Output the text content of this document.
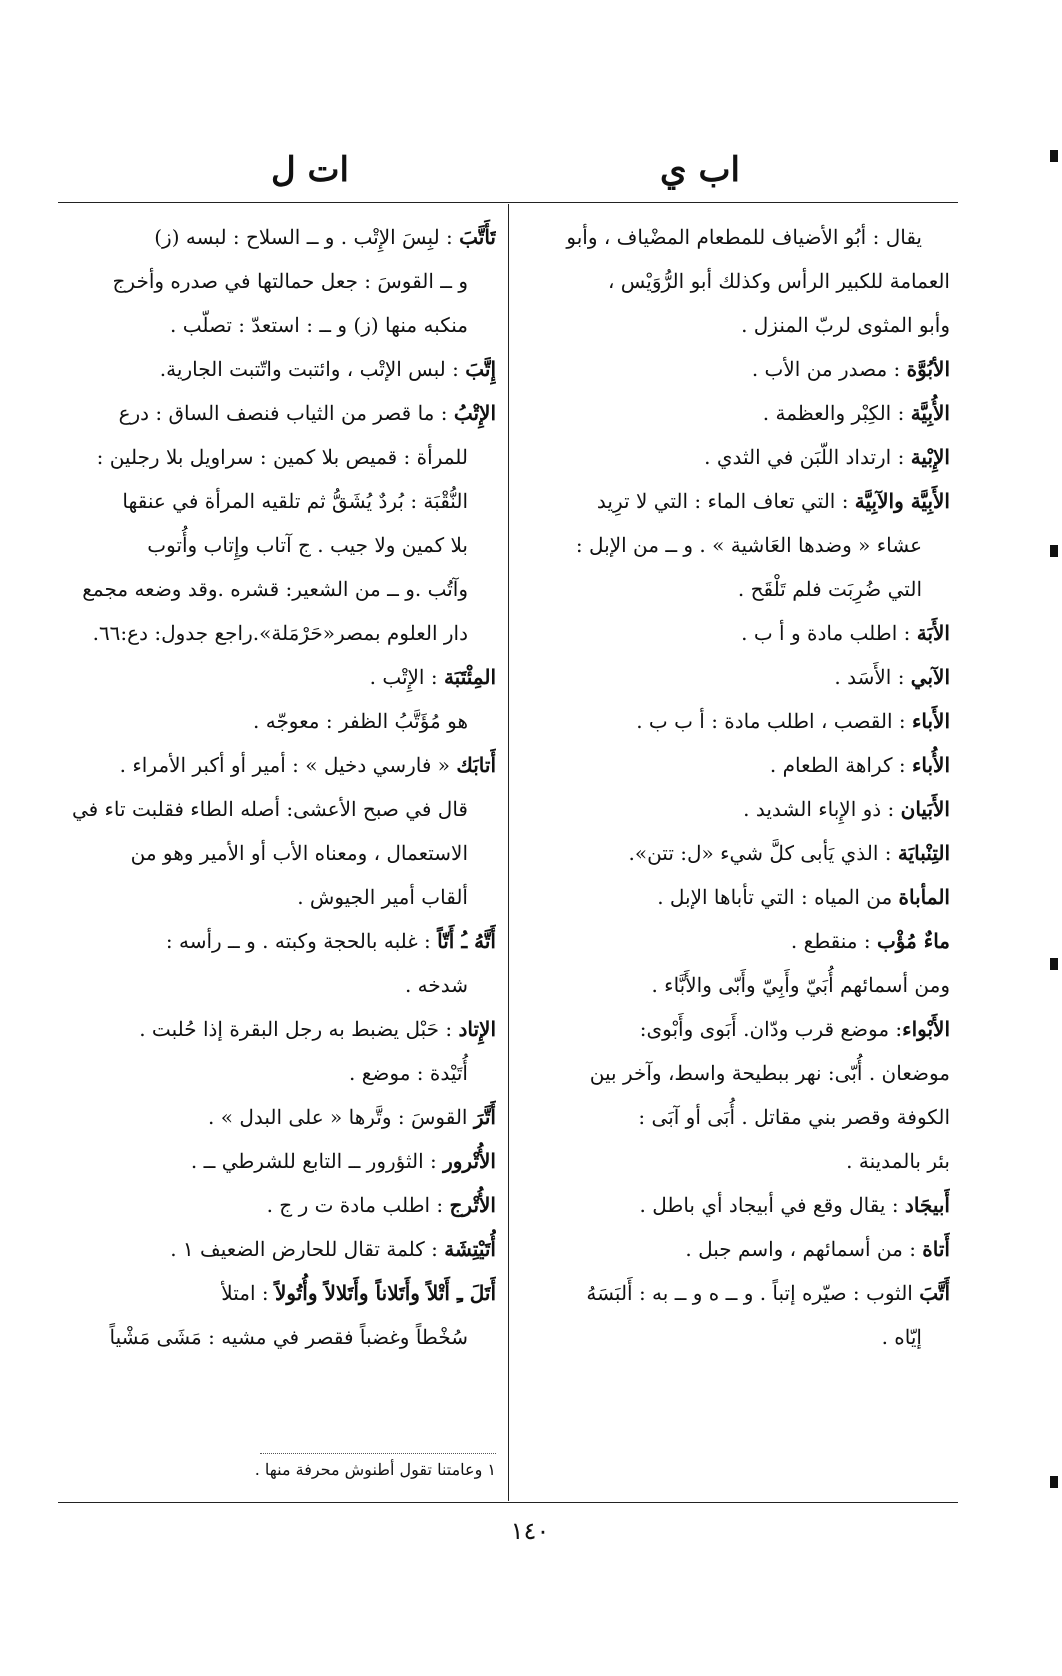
اب ي
ات ل
يقال : أبُو الأضياف للمطعام المضْياف ، وأبو
العمامة للكبير الرأس وكذلك أبو الرُّوَيْس ،
وأبو المثوى لربّ المنزل .
الأبُوَّة : مصدر من الأب .
الأُبِيَّة : الكِبْر والعظمة .
الإِبْية : ارتداد اللّبَن في الثدي .
الأَبِيَّة والآبِيَّة : التي تعاف الماء : التي لا ترِيد
عشاء « وضدها العَاشية » . و ــ من الإبل :
التي ضُرِبَت فلم تَلْقَح .
الأَبَة : اطلب مادة و أ ب .
الآبي : الأَسَد .
الأَباء : القصب ، اطلب مادة : أ ب ب .
الأُباء : كراهة الطعام .
الأَبَيان : ذو الإِباء الشديد .
التِنْبايَة : الذي يَأبى كلَّ شيء «ل: تتن».
المأباة من المياه : التي تأباها الإبل .
ماءٌ مُؤْب : منقطع .
ومن أسمائهم أُبَيّ وأَبِيّ وأَبّى والأَبَّاء .
الأَبْواء: موضع قرب ودّان. أَبَوى وأَبْوى:
موضعان . أُبّى: نهر ببطيحة واسط، وآخر بين
الكوفة وقصر بني مقاتل . أُبَى أو آبَى :
بئر بالمدينة .
أَبيجَاد : يقال وقع في أبيجاد أي باطل .
أَتاة : من أسمائهم ، واسم جبل .
أَتَّبَ الثوب : صيّره إتباً . و ــ ه و ــ به : أَلبَسَهُ
إيّاه .
تَأَتَّبَ : لبِسَ الإِتْب . و ــ السلاح : لبسه (ز)
و ــ القوسَ : جعل حمالتها في صدره وأخرج
منكبه منها (ز) و ــ : استعدّ : تصلّب .
إِتَّبَ : لبس الإتْب ، وائتبت واتّتبت الجارية.
الإِتْبُ : ما قصر من الثياب فنصف الساق : درع
للمرأة : قميص بلا كمين : سراويل بلا رجلين :
النُّقْبَة : بُردٌ يُشَقُّ ثم تلقيه المرأة في عنقها
بلا كمين ولا جيب . ج آتاب وإِتاب وأُتوب
وآتُب .و ــ من الشعير: قشره .وقد وضعه مجمع
دار العلوم بمصر«حَرْمَلة».راجع جدول: دع:٦٦.
المِئْتَبَة : الإِتْب .
هو مُؤَتَّبُ الظفر : معوجّه .
أَتابَك « فارسي دخيل » : أمير أو أكبر الأمراء .
قال في صبح الأعشى: أصله الطاء فقلبت تاء في
الاستعمال ، ومعناه الأب أو الأمير وهو من
ألقاب أمير الجيوش .
أَتَّهُ ـُ أَتّاً : غلبه بالحجة وكبته . و ــ رأسه :
شدخه .
الإِتاد : حَبْل يضبط به رجل البقرة إذا حُلبت .
أُتَيْدة : موضع .
أَتَّرَ القوسَ : وتَّرها « على البدل » .
الأُتْرور : الثؤرور ــ التابع للشرطي ــ .
الأُتْرج : اطلب مادة ت ر ج .
أُتَيْتِشَة : كلمة تقال للحارض الضعيف ١ .
أَتَلَ ـِ أَتْلاً وأَتَلاناً وأَتَلالاً وأُتُولاً : امتلأ
سُخْطاً وغضباً فقصر في مشيه : مَشَى مَشْياً
١ وعامتنا تقول أطنوش محرفة منها .
١٤٠
